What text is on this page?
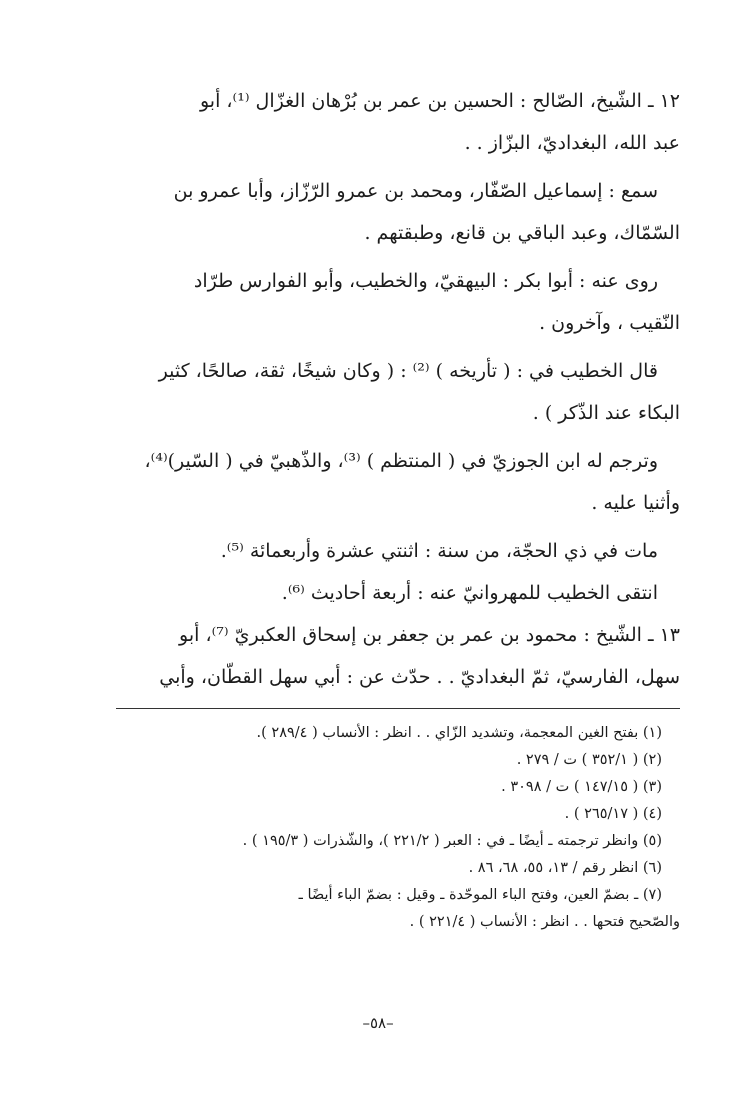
١٢ ـ الشّيخ، الصّالح : الحسين بن عمر بن بُرْهان الغزّال ⁽¹⁾، أبو
عبد الله، البغداديّ، البزّاز . .
سمع : إسماعيل الصّفّار، ومحمد بن عمرو الرّزّاز، وأبا عمرو بن
السّمّاك، وعبد الباقي بن قانع، وطبقتهم .
روى عنه : أبوا بكر : البيهقيّ، والخطيب، وأبو الفوارس طرّاد
النّقيب ، وآخرون .
قال الخطيب في : ( تأريخه ) ⁽²⁾ : ( وكان شيخًا، ثقة، صالحًا، كثير
البكاء عند الذّكر ) .
وترجم له ابن الجوزيّ في ( المنتظم ) ⁽³⁾، والذّهبيّ في ( السّير)⁽⁴⁾،
وأثنيا عليه .
مات في ذي الحجّة، من سنة : اثنتي عشرة وأربعمائة ⁽⁵⁾.
انتقى الخطيب للمهروانيّ عنه : أربعة أحاديث ⁽⁶⁾.
١٣ ـ الشّيخ : محمود بن عمر بن جعفر بن إسحاق العكبريّ ⁽⁷⁾، أبو
سهل، الفارسيّ، ثمّ البغداديّ . . حدّث عن : أبي سهل القطّان، وأبي
(١) بفتح الغين المعجمة، وتشديد الزّاي . . انظر : الأنساب ( ٢٨٩/٤ ).
(٢) ( ٣٥٢/١ ) ت / ٢٧٩ .
(٣) ( ١٤٧/١٥ ) ت / ٣٠٩٨ .
(٤) ( ٢٦٥/١٧ ) .
(٥) وانظر ترجمته ـ أيضًا ـ في : العبر ( ٢٢١/٢ )، والشّذرات ( ١٩٥/٣ ) .
(٦) انظر رقم / ١٣، ٥٥، ٦٨، ٨٦ .
(٧) ـ بضمّ العين، وفتح الباء الموحّدة ـ وقيل : بضمّ الباء أيضًا ـ
والصّحيح فتحها . . انظر : الأنساب ( ٢٢١/٤ ) .
–٥٨–
